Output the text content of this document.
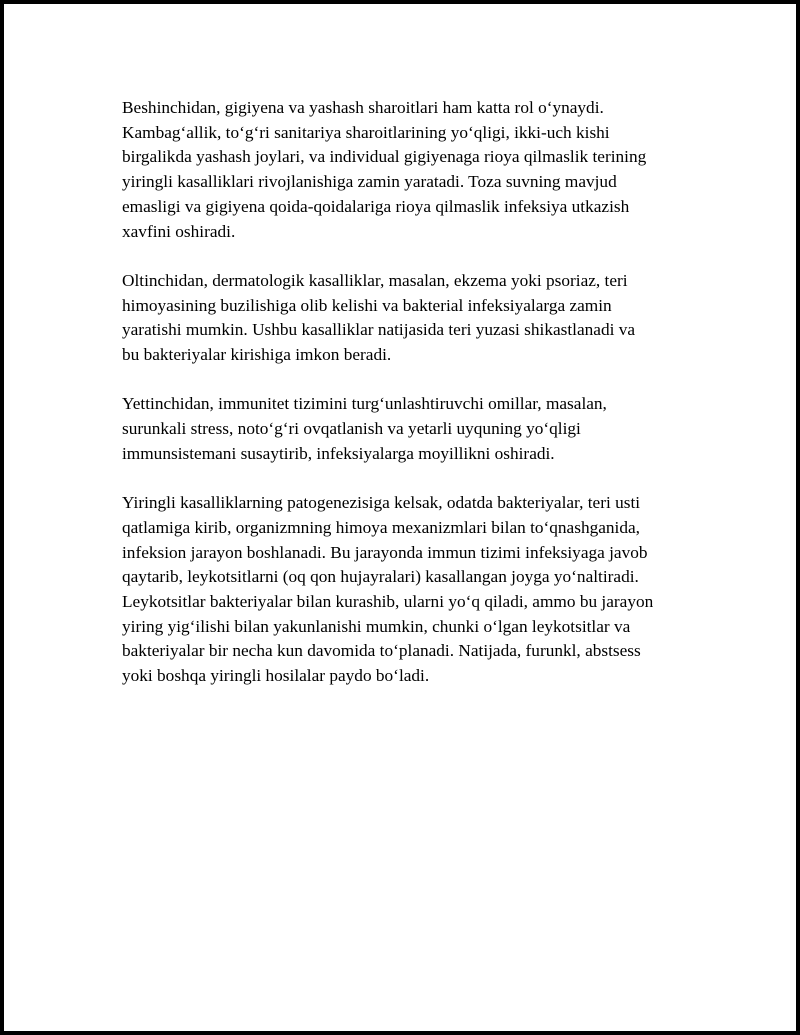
Beshinchidan, gigiyena va yashash sharoitlari ham katta rol oʻynaydi.
Kambagʻallik, toʻgʻri sanitariya sharoitlarining yoʻqligi, ikki-uch kishi
birgalikda yashash joylari, va individual gigiyenaga rioya qilmaslik terining
yiringli kasalliklari rivojlanishiga zamin yaratadi. Toza suvning mavjud
emasligi va gigiyena qoida-qoidalariga rioya qilmaslik infeksiya utkazish
xavfini oshiradi.

Oltinchidan, dermatologik kasalliklar, masalan, ekzema yoki psoriaz, teri
himoyasining buzilishiga olib kelishi va bakterial infeksiyalarga zamin
yaratishi mumkin. Ushbu kasalliklar natijasida teri yuzasi shikastlanadi va
bu bakteriyalar kirishiga imkon beradi.

Yettinchidan, immunitet tizimini turgʻunlashtiruvchi omillar, masalan,
surunkali stress, notoʻgʻri ovqatlanish va yetarli uyquning yoʻqligi
immunsistemani susaytirib, infeksiyalarga moyillikni oshiradi.

Yiringli kasalliklarning patogenezisiga kelsak, odatda bakteriyalar, teri usti
qatlamiga kirib, organizmning himoya mexanizmlari bilan toʻqnashganida,
infeksion jarayon boshlanadi. Bu jarayonda immun tizimi infeksiyaga javob
qaytarib, leykotsitlarni (oq qon hujayralari) kasallangan joyga yoʻnaltiradi.
Leykotsitlar bakteriyalar bilan kurashib, ularni yoʻq qiladi, ammo bu jarayon
yiring yigʻilishi bilan yakunlanishi mumkin, chunki oʻlgan leykotsitlar va
bakteriyalar bir necha kun davomida toʻplanadi. Natijada, furunkl, abstsess
yoki boshqa yiringli hosilalar paydo boʻladi.
